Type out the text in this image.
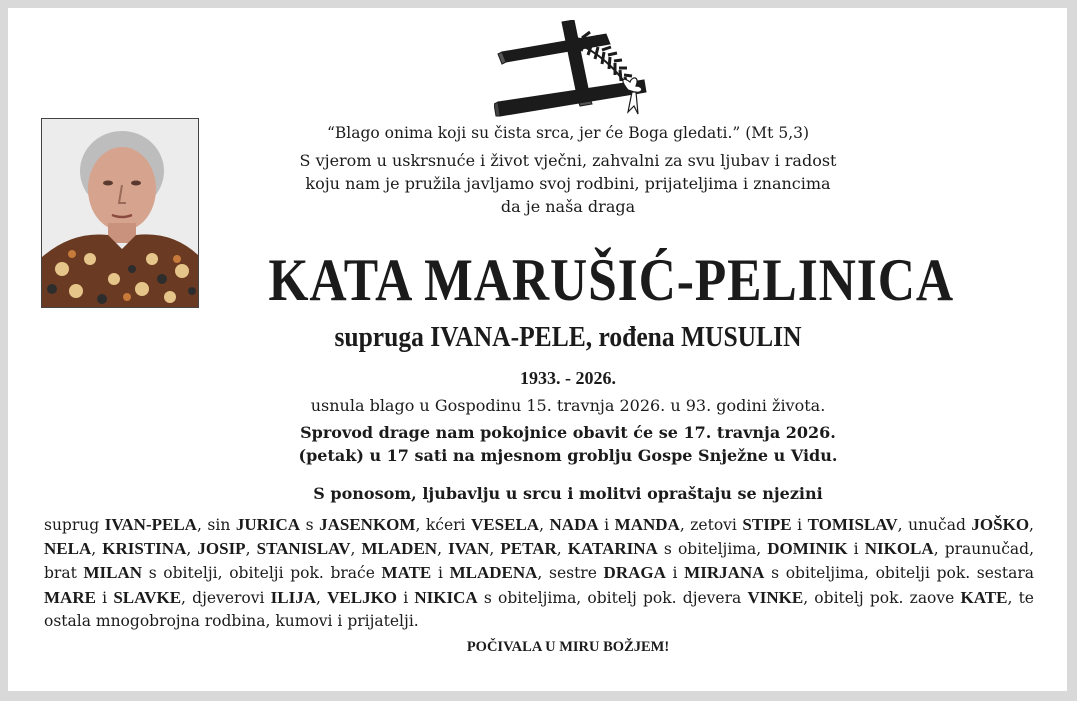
“Blago onima koji su čista srca, jer će Boga gledati.” (Mt 5,3)
S vjerom u uskrsnuće i život vječni, zahvalni za svu ljubav i radost
koju nam je pružila javljamo svoj rodbini, prijateljima i znancima
da je naša draga
KATA MARUŠIĆ-PELINICA
supruga IVANA-PELE, rođena MUSULIN
1933. - 2026.
usnula blago u Gospodinu 15. travnja 2026. u 93. godini života.
Sprovod drage nam pokojnice obavit će se 17. travnja 2026.
(petak) u 17 sati na mjesnom groblju Gospe Snježne u Vidu.
S ponosom, ljubavlju u srcu i molitvi opraštaju se njezini
suprug IVAN-PELA, sin JURICA s JASENKOM, kćeri VESELA, NADA i MANDA, zetovi STIPE i TOMISLAV, unučad JOŠKO, NELA, KRISTINA, JOSIP, STANISLAV, MLADEN, IVAN, PETAR, KATARINA s obiteljima, DOMINIK i NIKOLA, praunučad, brat MILAN s obitelji, obitelji pok. braće MATE i MLADENA, sestre DRAGA i MIRJANA s obiteljima, obitelji pok. sestara MARE i SLAVKE, djeverovi ILIJA, VELJKO i NIKICA s obiteljima, obitelj pok. djevera VINKE, obitelj pok. zaove KATE, te ostala mnogobrojna rodbina, kumovi i prijatelji.
POČIVALA U MIRU BOŽJEM!
